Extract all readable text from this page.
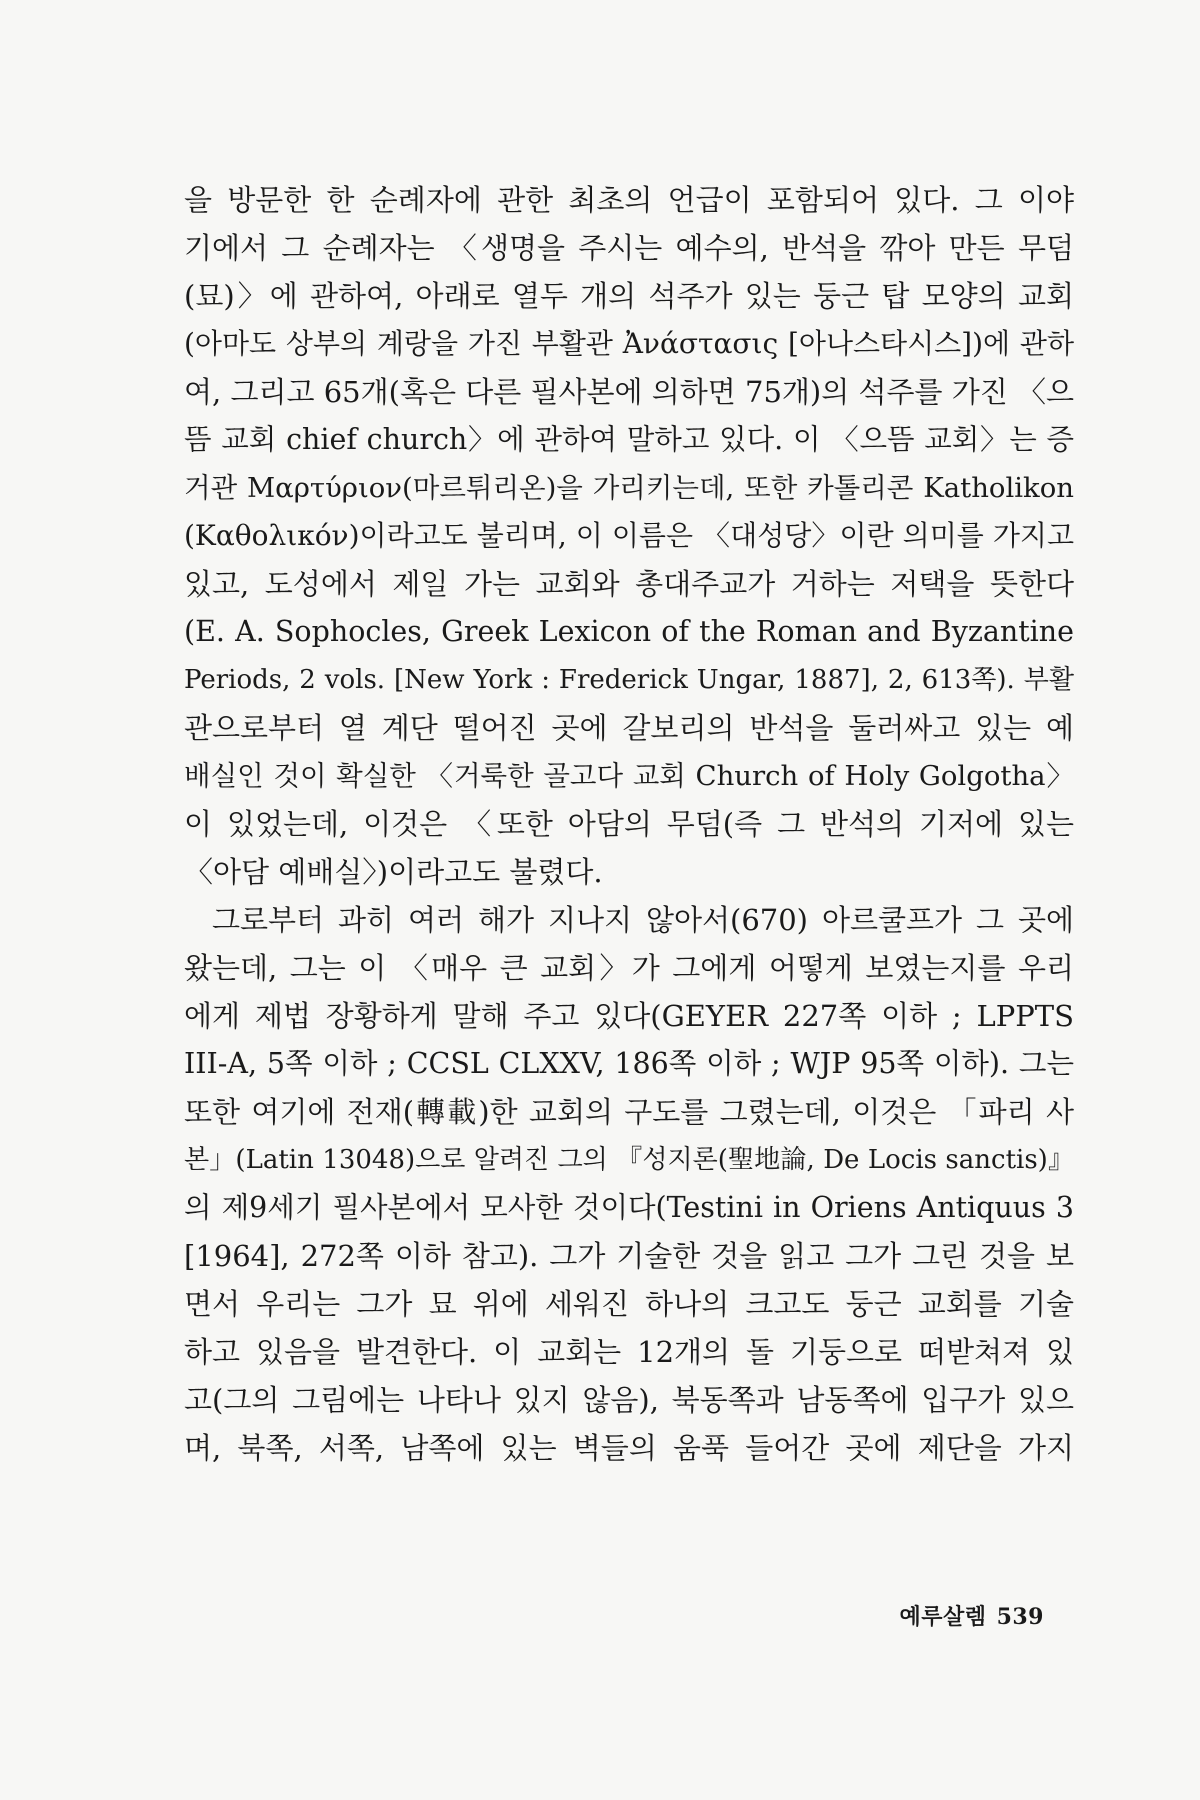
을 방문한 한 순례자에 관한 최초의 언급이 포함되어 있다. 그 이야
기에서 그 순례자는 〈생명을 주시는 예수의, 반석을 깎아 만든 무덤
(묘)〉에 관하여, 아래로 열두 개의 석주가 있는 둥근 탑 모양의 교회
(아마도 상부의 계랑을 가진 부활관 Ἀνάστασις [아나스타시스])에 관하
여, 그리고 65개(혹은 다른 필사본에 의하면 75개)의 석주를 가진 〈으
뜸 교회 chief church〉에 관하여 말하고 있다. 이 〈으뜸 교회〉는 증
거관 Μαρτύριον(마르튀리온)을 가리키는데, 또한 카톨리콘 Katholikon
(Καθολικόν)이라고도 불리며, 이 이름은 〈대성당〉이란 의미를 가지고
있고, 도성에서 제일 가는 교회와 총대주교가 거하는 저택을 뜻한다
(E. A. Sophocles, Greek Lexicon of the Roman and Byzantine
Periods, 2 vols. [New York : Frederick Ungar, 1887], 2, 613쪽). 부활
관으로부터 열 계단 떨어진 곳에 갈보리의 반석을 둘러싸고 있는 예
배실인 것이 확실한 〈거룩한 골고다 교회 Church of Holy Golgotha〉
이 있었는데, 이것은 〈또한 아담의 무덤(즉 그 반석의 기저에 있는
〈아담 예배실〉)이라고도 불렸다.
그로부터 과히 여러 해가 지나지 않아서(670) 아르쿨프가 그 곳에
왔는데, 그는 이 〈매우 큰 교회〉가 그에게 어떻게 보였는지를 우리
에게 제법 장황하게 말해 주고 있다(GEYER 227쪽 이하 ; LPPTS
III-A, 5쪽 이하 ; CCSL CLXXV, 186쪽 이하 ; WJP 95쪽 이하). 그는
또한 여기에 전재(轉載)한 교회의 구도를 그렸는데, 이것은 「파리 사
본」(Latin 13048)으로 알려진 그의 『성지론(聖地論, De Locis sanctis)』
의 제9세기 필사본에서 모사한 것이다(Testini in Oriens Antiquus 3
[1964], 272쪽 이하 참고). 그가 기술한 것을 읽고 그가 그린 것을 보
면서 우리는 그가 묘 위에 세워진 하나의 크고도 둥근 교회를 기술
하고 있음을 발견한다. 이 교회는 12개의 돌 기둥으로 떠받쳐져 있
고(그의 그림에는 나타나 있지 않음), 북동쪽과 남동쪽에 입구가 있으
며, 북쪽, 서쪽, 남쪽에 있는 벽들의 움푹 들어간 곳에 제단을 가지
예루살렘 539
